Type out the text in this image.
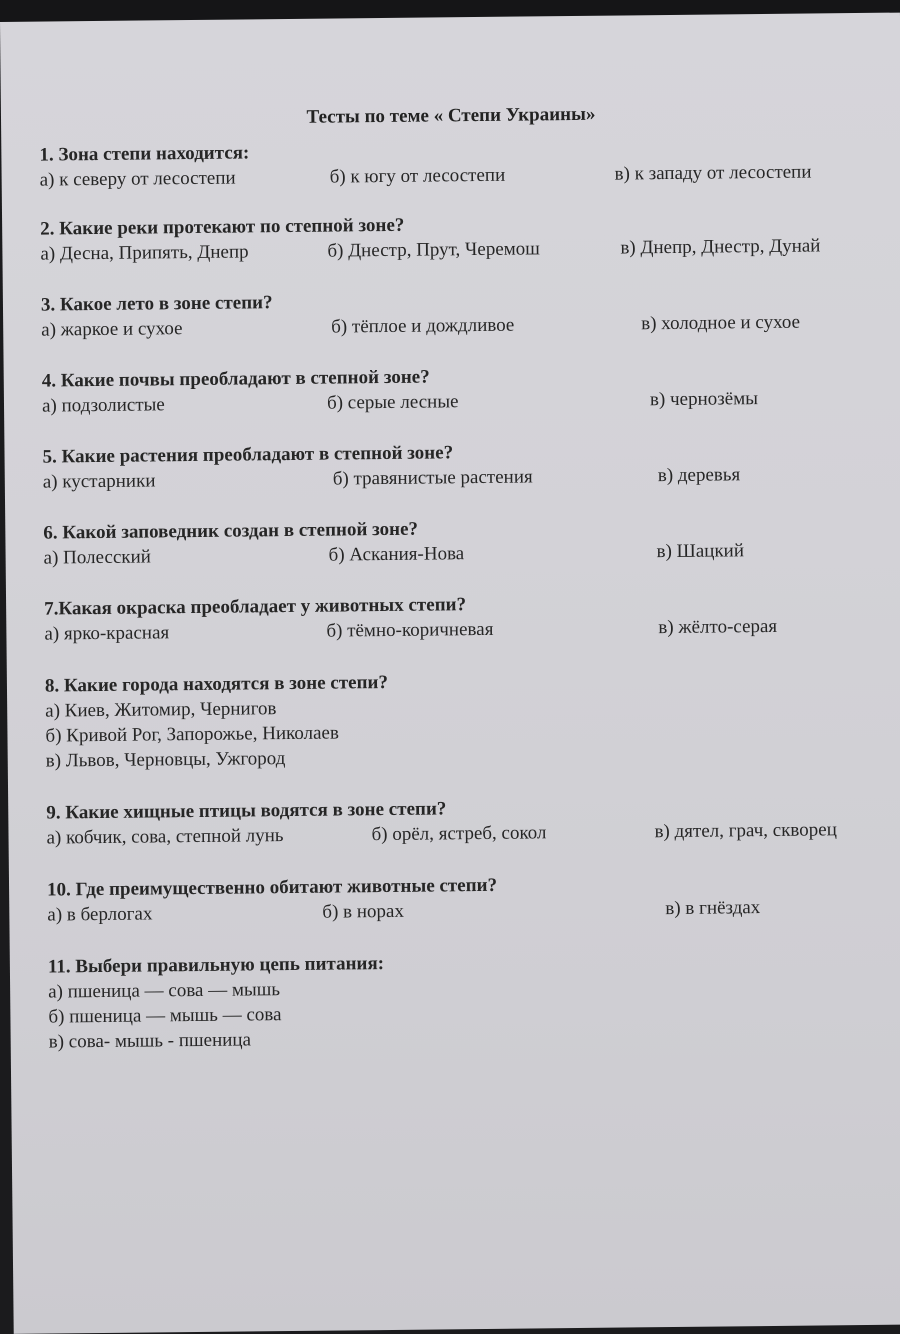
Тесты по теме « Степи Украины»
1. Зона степи находится:
а) к северу от лесостепи	б) к югу от лесостепи	в) к западу от лесостепи
2. Какие реки протекают по степной зоне?
а) Десна, Припять, Днепр	б) Днестр, Прут, Черемош	в) Днепр, Днестр, Дунай
3. Какое лето в зоне степи?
а) жаркое и сухое	б) тёплое и дождливое	в) холодное и сухое
4. Какие почвы преобладают в степной зоне?
а) подзолистые	б) серые лесные	в) чернозёмы
5. Какие растения преобладают в степной зоне?
а) кустарники	б) травянистые растения	в) деревья
6. Какой заповедник создан в степной зоне?
а) Полесский	б) Аскания-Нова	в) Шацкий
7.Какая окраска преобладает у животных степи?
а) ярко-красная	б) тёмно-коричневая	в) жёлто-серая
8. Какие города находятся в зоне степи?
а) Киев, Житомир, Чернигов
б) Кривой Рог, Запорожье, Николаев
в) Львов, Черновцы, Ужгород
9. Какие хищные птицы водятся в зоне степи?
а) кобчик, сова, степной лунь	б) орёл, ястреб, сокол	в) дятел, грач, скворец
10. Где преимущественно обитают животные степи?
а) в берлогах	б) в норах	в) в гнёздах
11. Выбери правильную цепь питания:
а) пшеница — сова — мышь
б) пшеница — мышь — сова
в) сова- мышь - пшеница
